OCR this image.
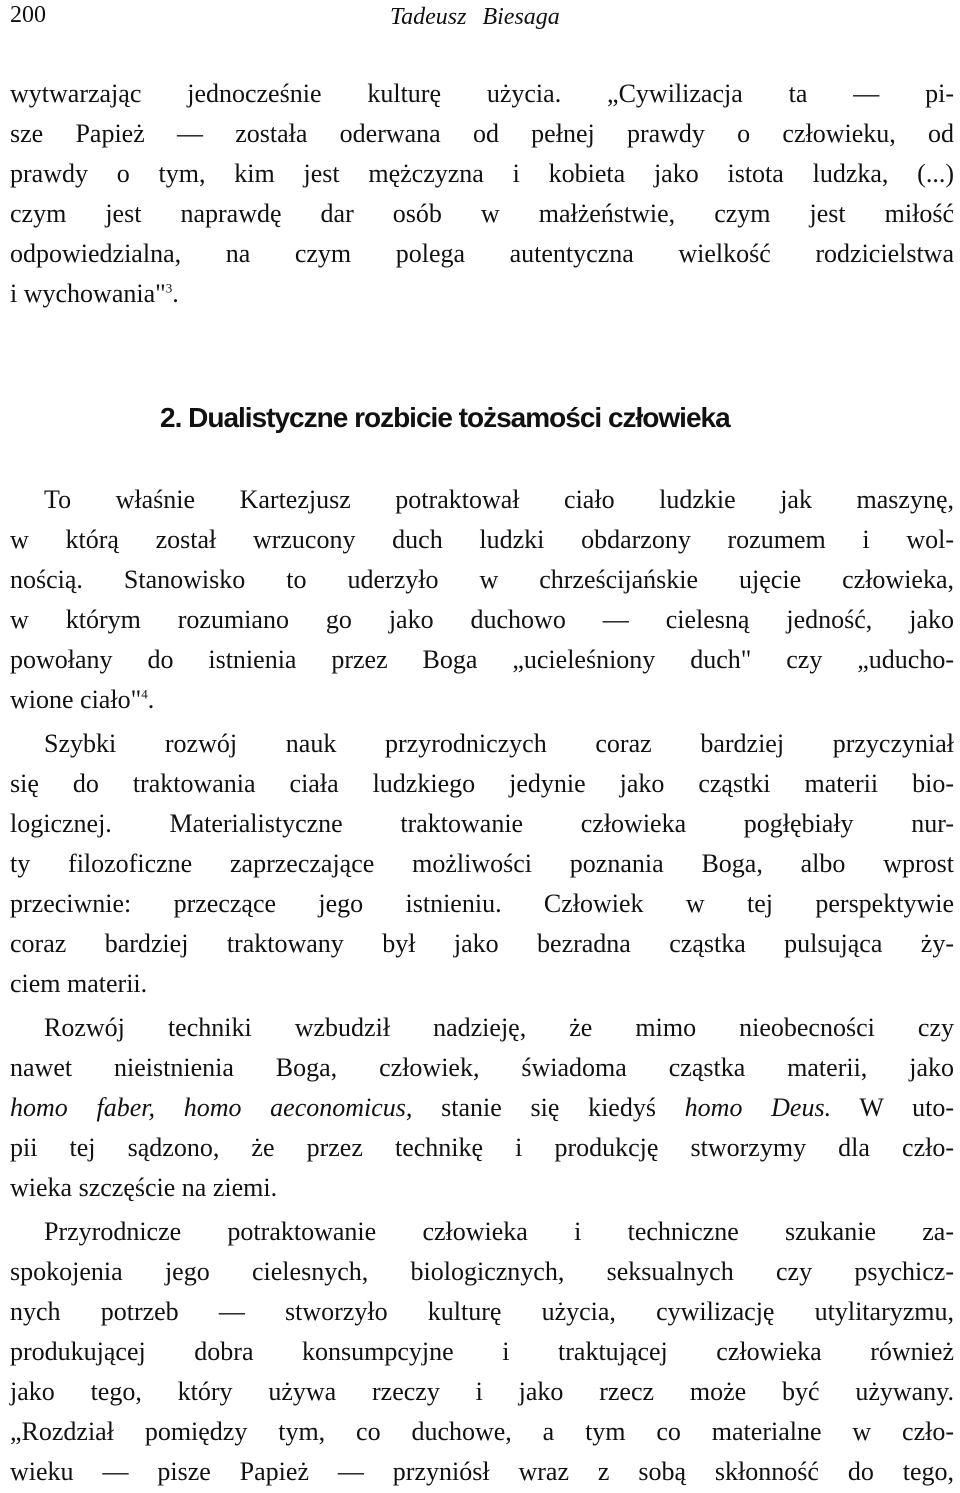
200	Tadeusz Biesaga
wytwarzając jednocześnie kulturę użycia. „Cywilizacja ta — pi-
sze Papież — została oderwana od pełnej prawdy o człowieku, od
prawdy o tym, kim jest mężczyzna i kobieta jako istota ludzka, (...)
czym jest naprawdę dar osób w małżeństwie, czym jest miłość
odpowiedzialna, na czym polega autentyczna wielkość rodzicielstwa
i wychowania"$^3$.
2. Dualistyczne rozbicie tożsamości człowieka
To właśnie Kartezjusz potraktował ciało ludzkie jak maszynę,
w którą został wrzucony duch ludzki obdarzony rozumem i wol-
nością. Stanowisko to uderzyło w chrześcijańskie ujęcie człowieka,
w którym rozumiano go jako duchowo — cielesną jedność, jako
powołany do istnienia przez Boga „ucieleśniony duch" czy „uducho-
wione ciało"$^4$.
Szybki rozwój nauk przyrodniczych coraz bardziej przyczyniał
się do traktowania ciała ludzkiego jedynie jako cząstki materii bio-
logicznej. Materialistyczne traktowanie człowieka pogłębiały nur-
ty filozoficzne zaprzeczające możliwości poznania Boga, albo wprost
przeciwnie: przeczące jego istnieniu. Człowiek w tej perspektywie
coraz bardziej traktowany był jako bezradna cząstka pulsująca ży-
ciem materii.
Rozwój techniki wzbudził nadzieję, że mimo nieobecności czy
nawet nieistnienia Boga, człowiek, świadoma cząstka materii, jako
homo faber, homo aeconomicus, stanie się kiedyś homo Deus. W uto-
pii tej sądzono, że przez technikę i produkcję stworzymy dla czło-
wieka szczęście na ziemi.
Przyrodnicze potraktowanie człowieka i techniczne szukanie za-
spokojenia jego cielesnych, biologicznych, seksualnych czy psychicz-
nych potrzeb — stworzyło kulturę użycia, cywilizację utylitaryzmu,
produkującej dobra konsumpcyjne i traktującej człowieka również
jako tego, który używa rzeczy i jako rzecz może być używany.
„Rozdział pomiędzy tym, co duchowe, a tym co materialne w czło-
wieku — pisze Papież — przyniósł wraz z sobą skłonność do tego,
